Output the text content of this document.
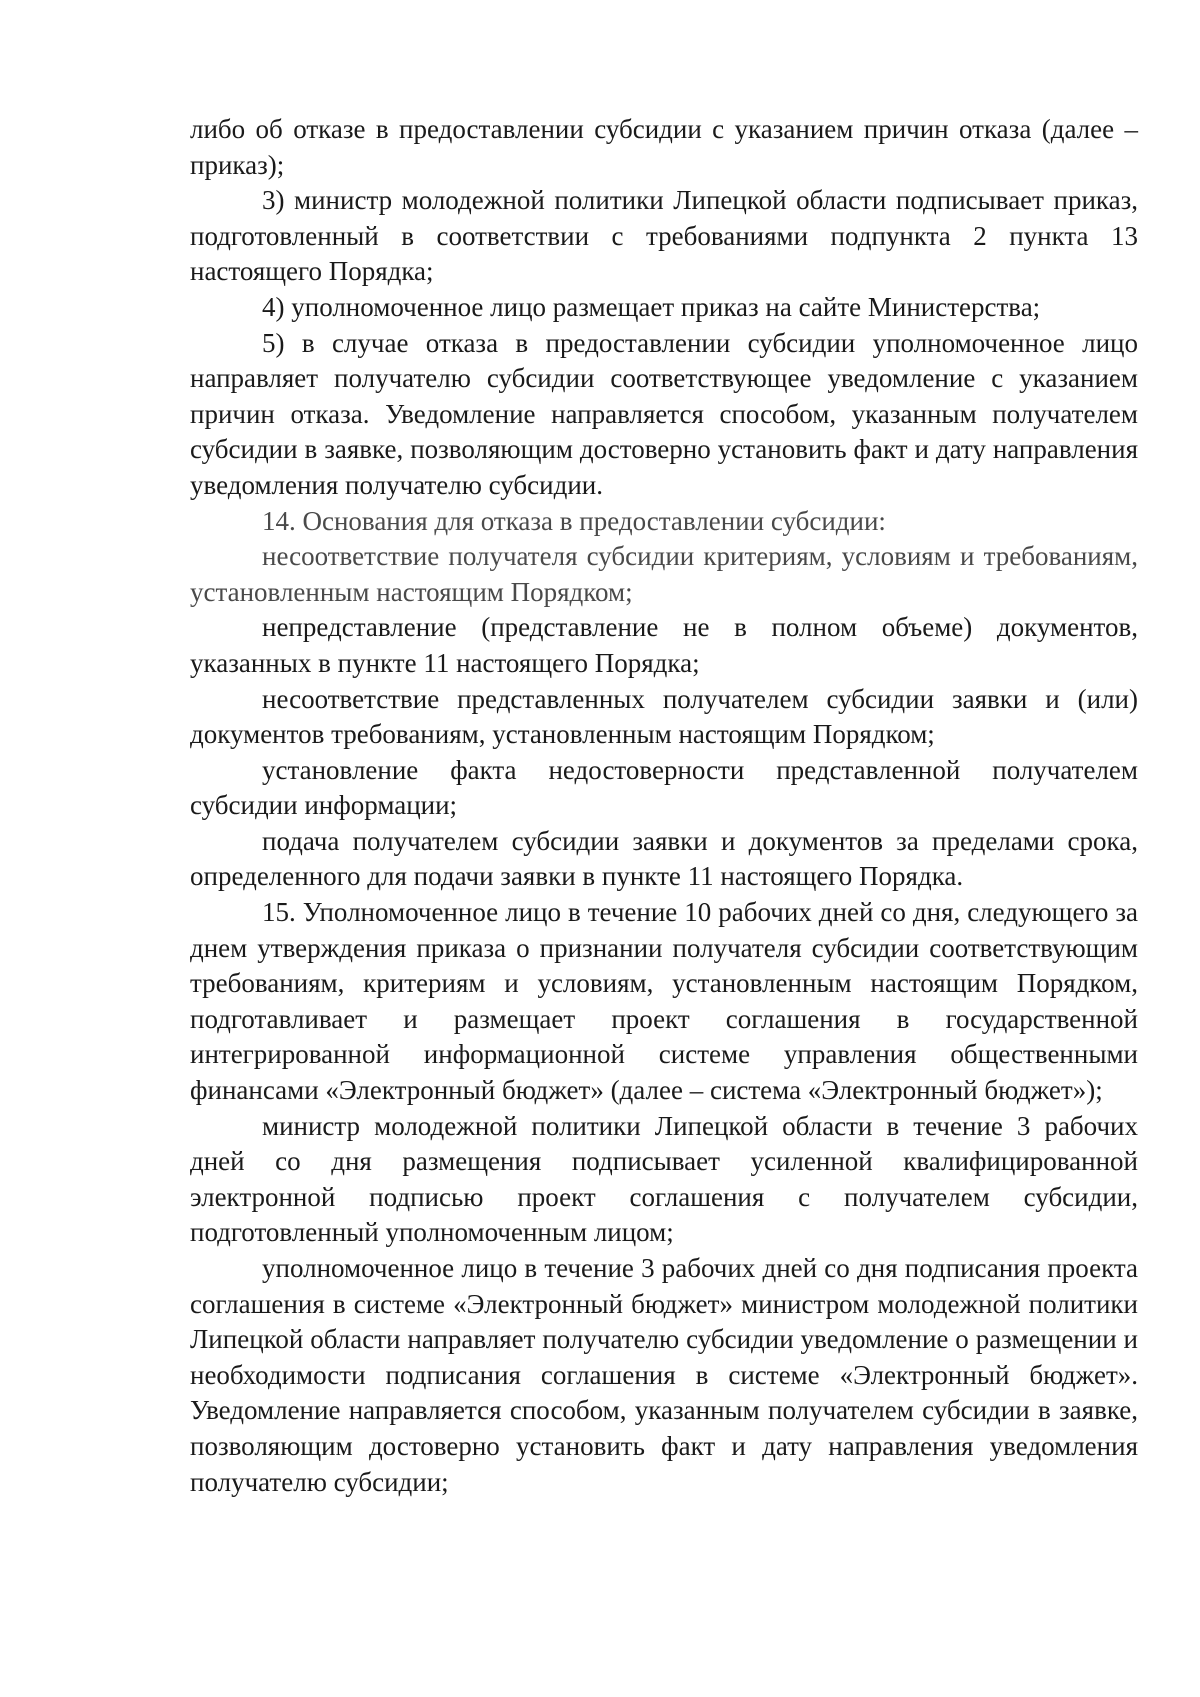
либо об отказе в предоставлении субсидии с указанием причин отказа (далее – приказ);

3) министр молодежной политики Липецкой области подписывает приказ, подготовленный в соответствии с требованиями подпункта 2 пункта 13 настоящего Порядка;

4) уполномоченное лицо размещает приказ на сайте Министерства;

5) в случае отказа в предоставлении субсидии уполномоченное лицо направляет получателю субсидии соответствующее уведомление с указанием причин отказа. Уведомление направляется способом, указанным получателем субсидии в заявке, позволяющим достоверно установить факт и дату направления уведомления получателю субсидии.

14. Основания для отказа в предоставлении субсидии:

несоответствие получателя субсидии критериям, условиям и требованиям, установленным настоящим Порядком;

непредставление (представление не в полном объеме) документов, указанных в пункте 11 настоящего Порядка;

несоответствие представленных получателем субсидии заявки и (или) документов требованиям, установленным настоящим Порядком;

установление факта недостоверности представленной получателем субсидии информации;

подача получателем субсидии заявки и документов за пределами срока, определенного для подачи заявки в пункте 11 настоящего Порядка.

15. Уполномоченное лицо в течение 10 рабочих дней со дня, следующего за днем утверждения приказа о признании получателя субсидии соответствующим требованиям, критериям и условиям, установленным настоящим Порядком, подготавливает и размещает проект соглашения в государственной интегрированной информационной системе управления общественными финансами «Электронный бюджет» (далее – система «Электронный бюджет»);

министр молодежной политики Липецкой области в течение 3 рабочих дней со дня размещения подписывает усиленной квалифицированной электронной подписью проект соглашения с получателем субсидии, подготовленный уполномоченным лицом;

уполномоченное лицо в течение 3 рабочих дней со дня подписания проекта соглашения в системе «Электронный бюджет» министром молодежной политики Липецкой области направляет получателю субсидии уведомление о размещении и необходимости подписания соглашения в системе «Электронный бюджет». Уведомление направляется способом, указанным получателем субсидии в заявке, позволяющим достоверно установить факт и дату направления уведомления получателю субсидии;
